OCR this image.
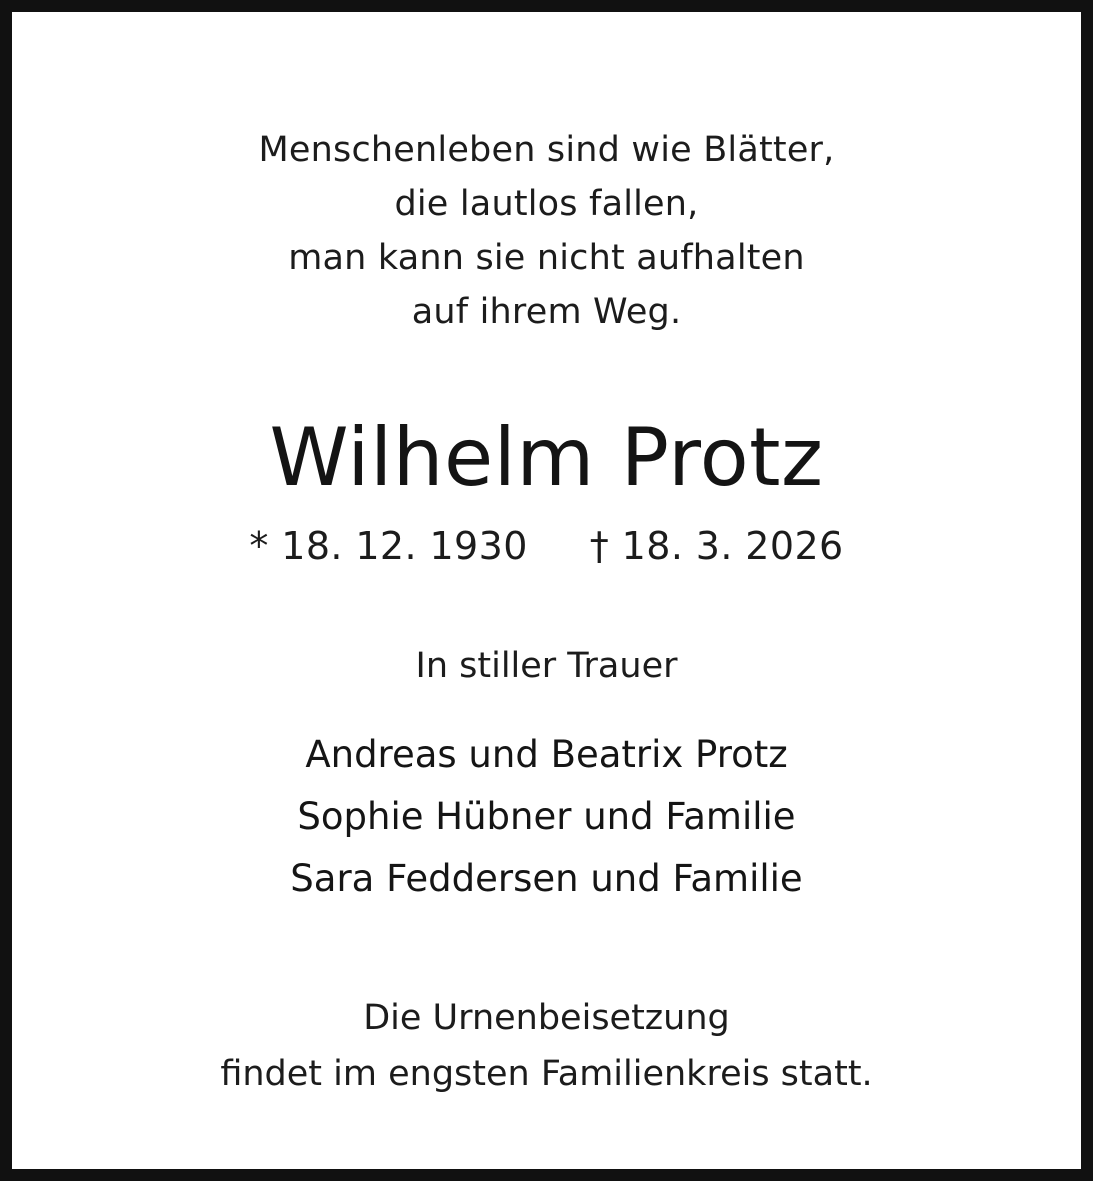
Menschenleben sind wie Blätter,
die lautlos fallen,
man kann sie nicht aufhalten
auf ihrem Weg.
Wilhelm Protz
* 18. 12. 1930 † 18. 3. 2026
In stiller Trauer
Andreas und Beatrix Protz
Sophie Hübner und Familie
Sara Feddersen und Familie
Die Urnenbeisetzung
findet im engsten Familienkreis statt.
